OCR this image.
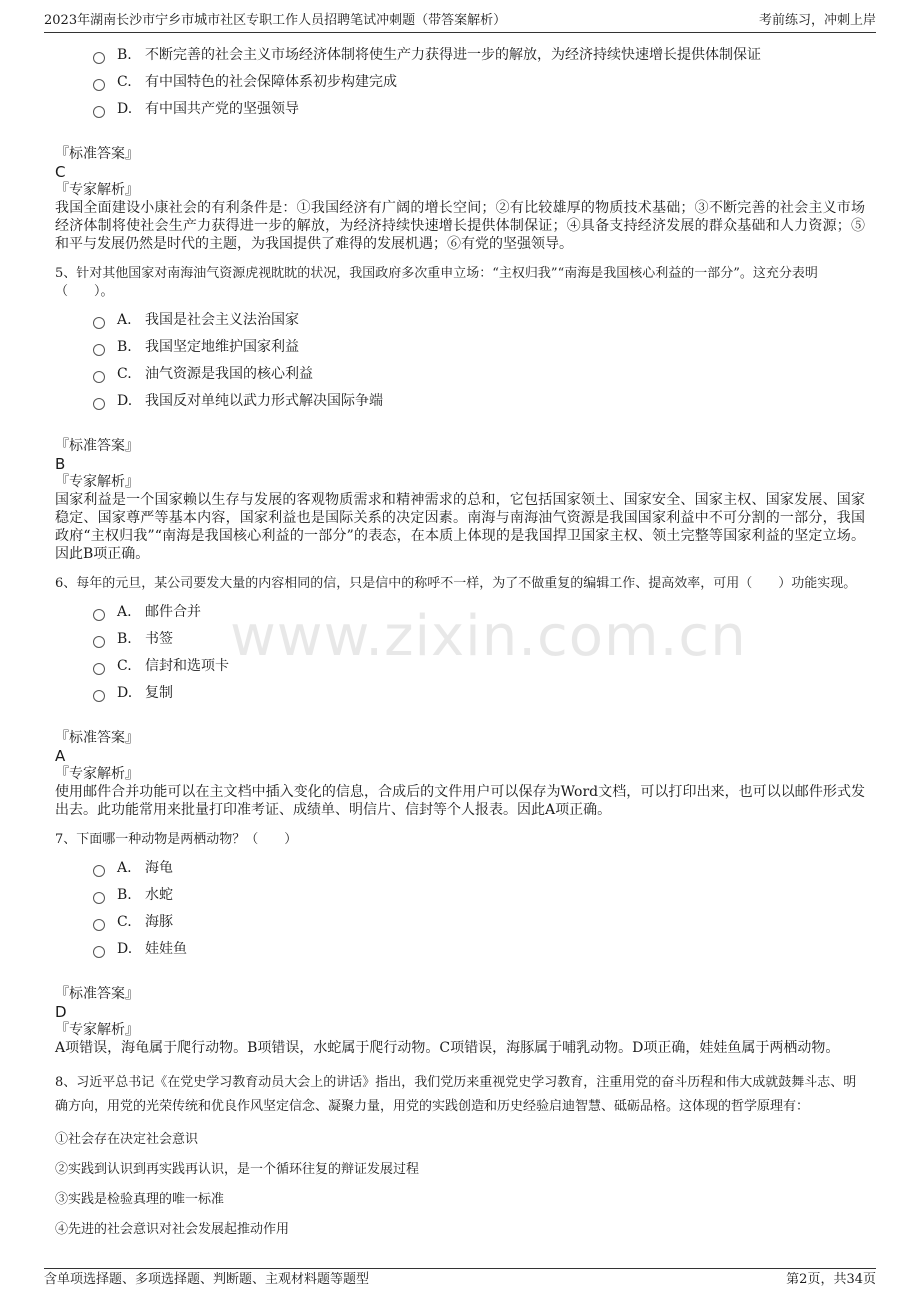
2023年湖南长沙市宁乡市城市社区专职工作人员招聘笔试冲刺题（带答案解析）	考前练习，冲刺上岸
www.zixin.com.cn
B. 不断完善的社会主义市场经济体制将使生产力获得进一步的解放，为经济持续快速增长提供体制保证
C. 有中国特色的社会保障体系初步构建完成
D. 有中国共产党的坚强领导
『标准答案』
C
『专家解析』
我国全面建设小康社会的有利条件是：①我国经济有广阔的增长空间；②有比较雄厚的物质技术基础；③不断完善的社会主义市场经济体制将使社会生产力获得进一步的解放，为经济持续快速增长提供体制保证；④具备支持经济发展的群众基础和人力资源；⑤和平与发展仍然是时代的主题，为我国提供了难得的发展机遇；⑥有党的坚强领导。
5、针对其他国家对南海油气资源虎视眈眈的状况，我国政府多次重申立场：“主权归我”“南海是我国核心利益的一部分”。这充分表明（　　）。
A. 我国是社会主义法治国家
B. 我国坚定地维护国家利益
C. 油气资源是我国的核心利益
D. 我国反对单纯以武力形式解决国际争端
『标准答案』
B
『专家解析』
国家利益是一个国家赖以生存与发展的客观物质需求和精神需求的总和，它包括国家领土、国家安全、国家主权、国家发展、国家稳定、国家尊严等基本内容，国家利益也是国际关系的决定因素。南海与南海油气资源是我国国家利益中不可分割的一部分，我国政府“主权归我”“南海是我国核心利益的一部分”的表态，在本质上体现的是我国捍卫国家主权、领土完整等国家利益的坚定立场。因此B项正确。
6、每年的元旦，某公司要发大量的内容相同的信，只是信中的称呼不一样，为了不做重复的编辑工作、提高效率，可用（　　）功能实现。
A. 邮件合并
B. 书签
C. 信封和选项卡
D. 复制
『标准答案』
A
『专家解析』
使用邮件合并功能可以在主文档中插入变化的信息，合成后的文件用户可以保存为Word文档，可以打印出来，也可以以邮件形式发出去。此功能常用来批量打印准考证、成绩单、明信片、信封等个人报表。因此A项正确。
7、下面哪一种动物是两栖动物？（　　）
A. 海龟
B. 水蛇
C. 海豚
D. 娃娃鱼
『标准答案』
D
『专家解析』
A项错误，海龟属于爬行动物。B项错误，水蛇属于爬行动物。C项错误，海豚属于哺乳动物。D项正确，娃娃鱼属于两栖动物。
8、习近平总书记《在党史学习教育动员大会上的讲话》指出，我们党历来重视党史学习教育，注重用党的奋斗历程和伟大成就鼓舞斗志、明确方向，用党的光荣传统和优良作风坚定信念、凝聚力量，用党的实践创造和历史经验启迪智慧、砥砺品格。这体现的哲学原理有：
①社会存在决定社会意识
②实践到认识到再实践再认识，是一个循环往复的辩证发展过程
③实践是检验真理的唯一标准
④先进的社会意识对社会发展起推动作用
含单项选择题、多项选择题、判断题、主观材料题等题型	第2页，共34页
